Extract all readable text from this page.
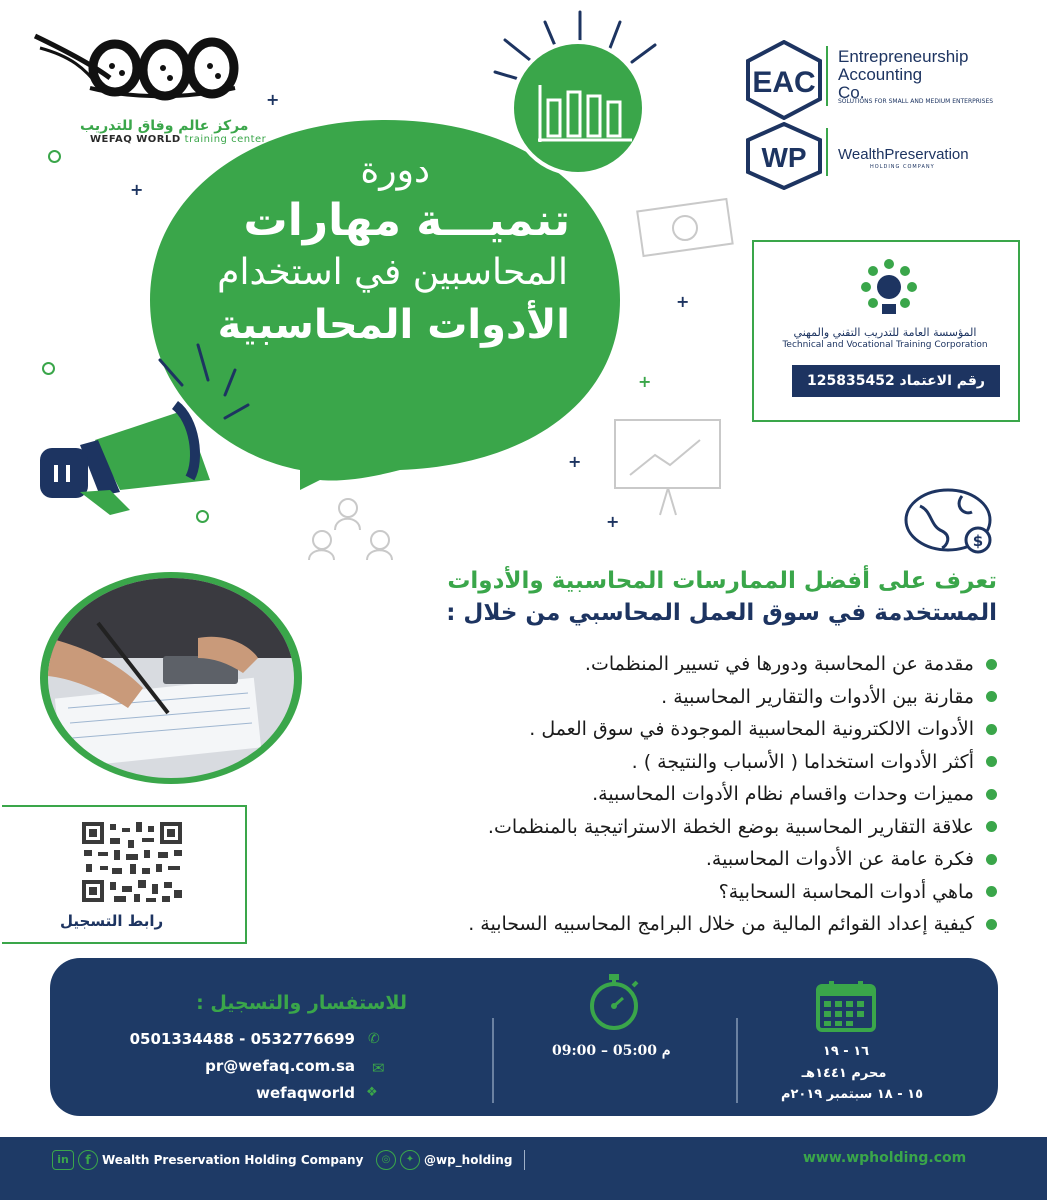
مركز عالم وفاق للتدريب
WEFAQ WORLD training center
+
+
+
+
+
+
دورة
تنميـــة مهارات
المحاسبين في استخدام
الأدوات المحاسبية
EAC
Entrepreneurship
Accounting
Co.
SOLUTIONS FOR SMALL AND MEDIUM ENTERPRISES
WP WealthPreservation
HOLDING COMPANY
المؤسسة العامة للتدريب التقني والمهني
Technical and Vocational Training Corporation
رقم الاعتماد 125835452
$
تعرف على أفضل الممارسات المحاسبية والأدوات
المستخدمة في سوق العمل المحاسبي من خلال :
مقدمة عن المحاسبة ودورها في تسيير المنظمات.
مقارنة بين الأدوات والتقارير المحاسبية .
الأدوات الالكترونية المحاسبية الموجودة في سوق العمل .
أكثر الأدوات استخداما ( الأسباب والنتيجة ) .
مميزات وحدات واقسام نظام الأدوات المحاسبية.
علاقة التقارير المحاسبية بوضع الخطة الاستراتيجية بالمنظمات.
فكرة عامة عن الأدوات المحاسبية.
ماهي أدوات المحاسبة السحابية؟
كيفية إعداد القوائم المالية من خلال البرامج المحاسبيه السحابية .
رابط التسجيل
للاستفسار والتسجيل :
✆
0501334488 - 0532776699
✉
pr@wefaq.com.sa
❖
wefaqworld
09:00 – 05:00 م	١٦ - ١٩
محرم ١٤٤١هـ
١٥ - ١٨ سبتمبر ٢٠١٩م
in	f Wealth Preservation Holding Company	◎	✦ @wp_holding	www.wpholding.com
